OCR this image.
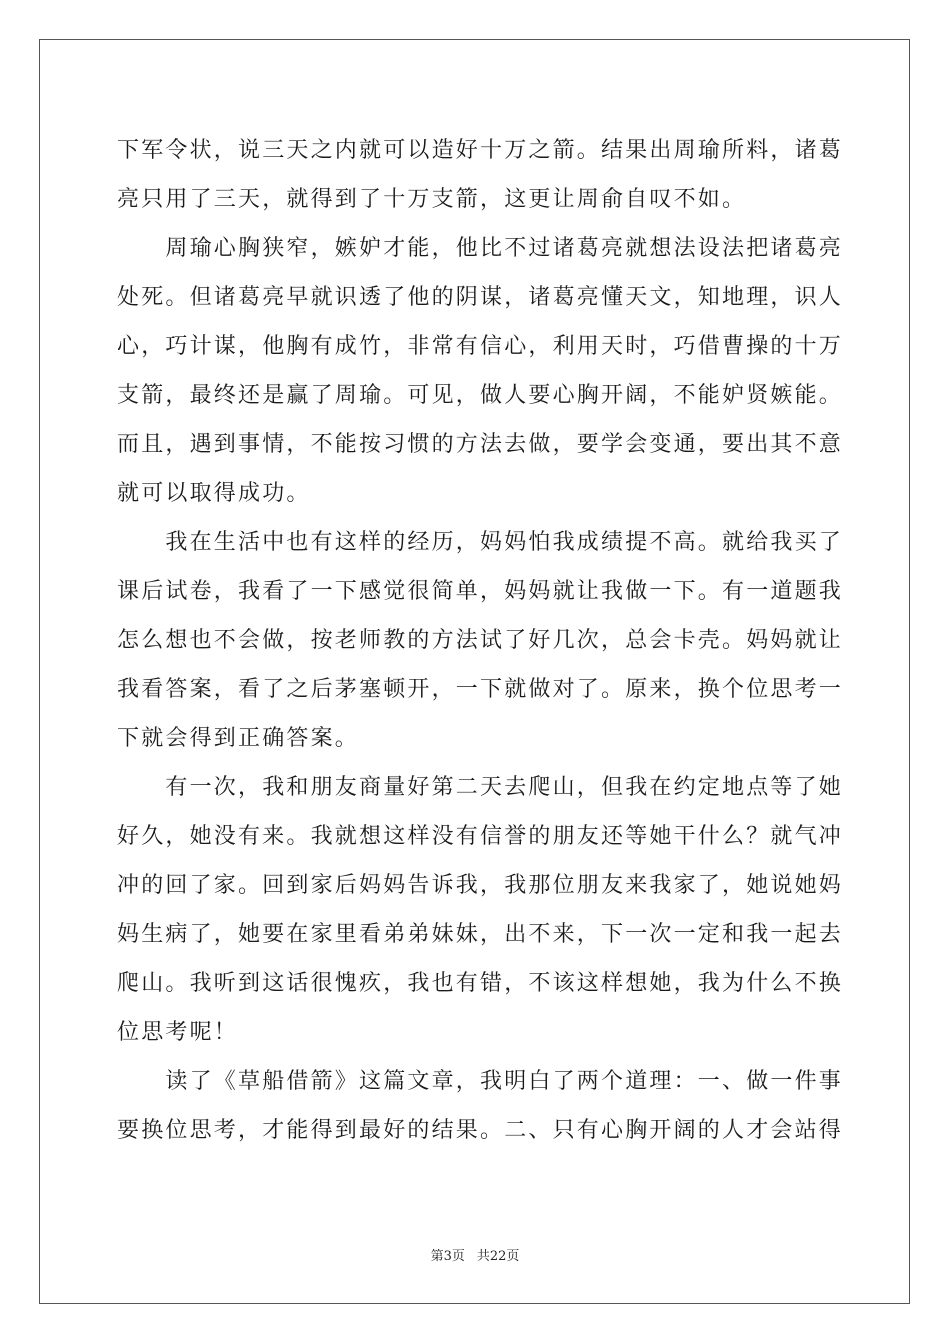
下军令状，说三天之内就可以造好十万之箭。结果出周瑜所料，诸葛
亮只用了三天，就得到了十万支箭，这更让周俞自叹不如。
　　周瑜心胸狭窄，嫉妒才能，他比不过诸葛亮就想法设法把诸葛亮
处死。但诸葛亮早就识透了他的阴谋，诸葛亮懂天文，知地理，识人
心，巧计谋，他胸有成竹，非常有信心，利用天时，巧借曹操的十万
支箭，最终还是赢了周瑜。可见，做人要心胸开阔，不能妒贤嫉能。
而且，遇到事情，不能按习惯的方法去做，要学会变通，要出其不意
就可以取得成功。
　　我在生活中也有这样的经历，妈妈怕我成绩提不高。就给我买了
课后试卷，我看了一下感觉很简单，妈妈就让我做一下。有一道题我
怎么想也不会做，按老师教的方法试了好几次，总会卡壳。妈妈就让
我看答案，看了之后茅塞顿开，一下就做对了。原来，换个位思考一
下就会得到正确答案。
　　有一次，我和朋友商量好第二天去爬山，但我在约定地点等了她
好久，她没有来。我就想这样没有信誉的朋友还等她干什么？就气冲
冲的回了家。回到家后妈妈告诉我，我那位朋友来我家了，她说她妈
妈生病了，她要在家里看弟弟妹妹，出不来，下一次一定和我一起去
爬山。我听到这话很愧疚，我也有错，不该这样想她，我为什么不换
位思考呢！
　　读了《草船借箭》这篇文章，我明白了两个道理：一、做一件事
要换位思考，才能得到最好的结果。二、只有心胸开阔的人才会站得
第3页 共22页
